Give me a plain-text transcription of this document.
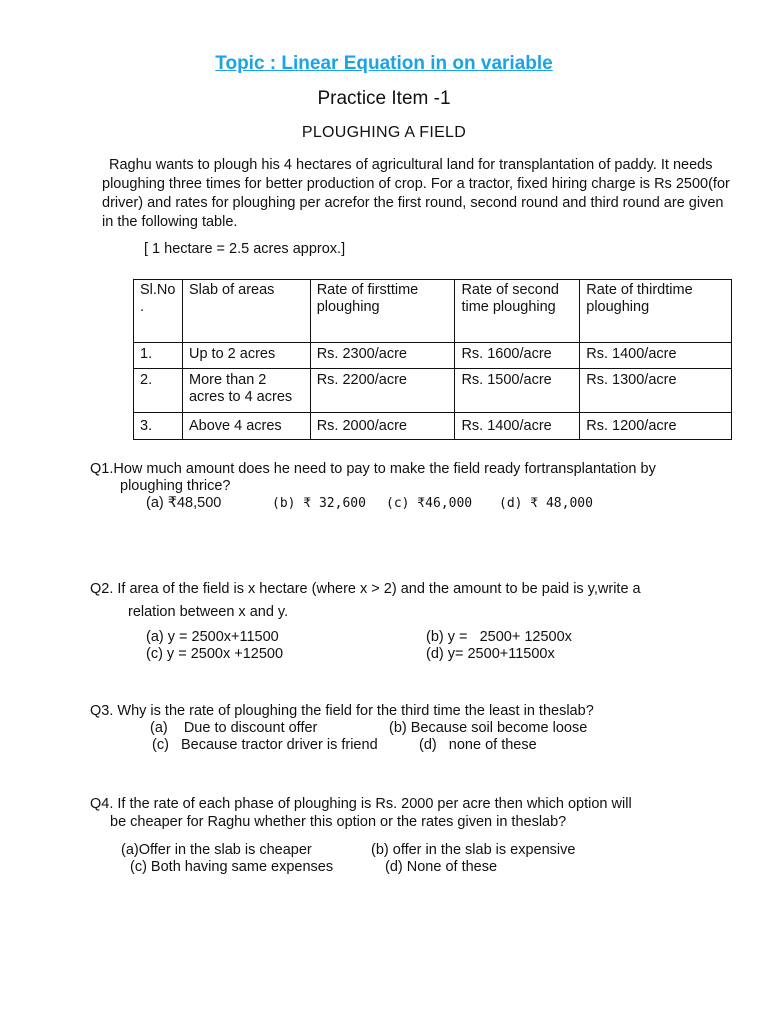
Topic : Linear Equation in on variable
Practice Item -1
PLOUGHING A FIELD
Raghu wants to plough his 4 hectares of agricultural land for transplantation of paddy. It needs ploughing three times for better production of crop. For a tractor, fixed hiring charge is Rs 2500(for driver) and rates for ploughing per acrefor the first round, second round and third round are given in the following table.
[ 1 hectare = 2.5 acres approx.]
Sl.No .	Slab of areas	Rate of firsttime ploughing	Rate of second time ploughing	Rate of thirdtime ploughing
1.	Up to 2 acres	Rs. 2300/acre	Rs. 1600/acre	Rs. 1400/acre
2.	More than 2 acres to 4 acres	Rs. 2200/acre	Rs. 1500/acre	Rs. 1300/acre
3.	Above 4 acres	Rs. 2000/acre	Rs. 1400/acre	Rs. 1200/acre
Q1.How much amount does he need to pay to make the field ready fortransplantation by
ploughing thrice?
(a) ₹48,500	(b) ₹ 32,600 (c) ₹46,000 (d) ₹ 48,000
Q2. If area of the field is x hectare (where x > 2) and the amount to be paid is y,write a
relation between x and y.
(a) y = 2500x+11500	(b) y =   2500+ 12500x
(c) y = 2500x +12500	(d) y= 2500+11500x
Q3. Why is the rate of ploughing the field for the third time the least in theslab?
(a)    Due to discount offer	(b) Because soil become loose
(c)   Because tractor driver is friend	(d)   none of these
Q4. If the rate of each phase of ploughing is Rs. 2000 per acre then which option will
be cheaper for Raghu whether this option or the rates given in theslab?
(a)Offer in the slab is cheaper	(b) offer in the slab is expensive
(c) Both having same expenses	(d) None of these
